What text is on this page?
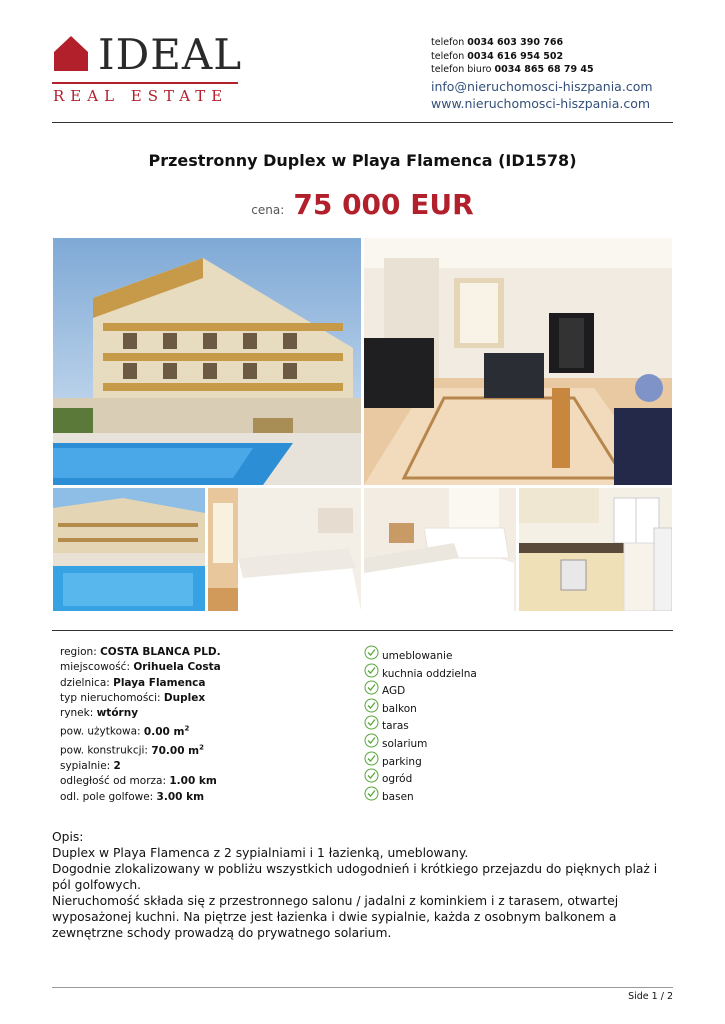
IDEAL
REAL ESTATE
telefon 0034 603 390 766
telefon 0034 616 954 502
telefon biuro 0034 865 68 79 45
info@nieruchomosci-hiszpania.com
www.nieruchomosci-hiszpania.com
Przestronny Duplex w Playa Flamenca (ID1578)
cena: 75 000 EUR
region: COSTA BLANCA PLD.
miejscowość: Orihuela Costa
dzielnica: Playa Flamenca
typ nieruchomości: Duplex
rynek: wtórny
pow. użytkowa: 0.00 $m^2$
pow. konstrukcji: 70.00 $m^2$
sypialnie: 2
odległość od morza: 1.00 km
odl. pole golfowe: 3.00 km
umeblowanie
kuchnia oddzielna
AGD
balkon
taras
solarium
parking
ogród
basen
Opis:
Duplex w Playa Flamenca z 2 sypialniami i 1 łazienką, umeblowany.
Dogodnie zlokalizowany w pobliżu wszystkich udogodnień i krótkiego przejazdu do pięknych plaż i pól golfowych.
Nieruchomość składa się z przestronnego salonu / jadalni z kominkiem i z tarasem, otwartej wyposażonej kuchni. Na piętrze jest łazienka i dwie sypialnie, każda z osobnym balkonem a zewnętrzne schody prowadzą do prywatnego solarium.
Side 1 / 2
